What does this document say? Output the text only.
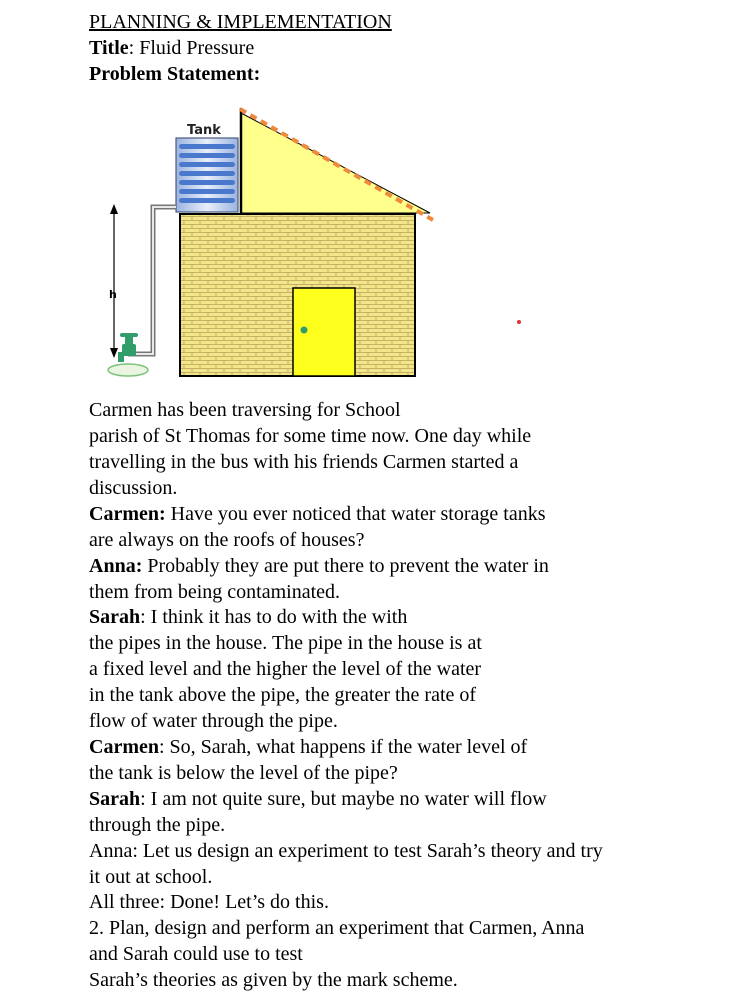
PLANNING & IMPLEMENTATION
Title: Fluid Pressure
Problem Statement:
Tank
h
Carmen has been traversing for School
parish of St Thomas for some time now. One day while
travelling in the bus with his friends Carmen started a
discussion.
Carmen: Have you ever noticed that water storage tanks
are always on the roofs of houses?
Anna: Probably they are put there to prevent the water in
them from being contaminated.
Sarah: I think it has to do with the with
the pipes in the house. The pipe in the house is at
a fixed level and the higher the level of the water
in the tank above the pipe, the greater the rate of
flow of water through the pipe.
Carmen: So, Sarah, what happens if the water level of
the tank is below the level of the pipe?
Sarah: I am not quite sure, but maybe no water will flow
through the pipe.
Anna: Let us design an experiment to test Sarah’s theory and try
it out at school.
All three: Done! Let’s do this.
2. Plan, design and perform an experiment that Carmen, Anna
and Sarah could use to test
Sarah’s theories as given by the mark scheme.
